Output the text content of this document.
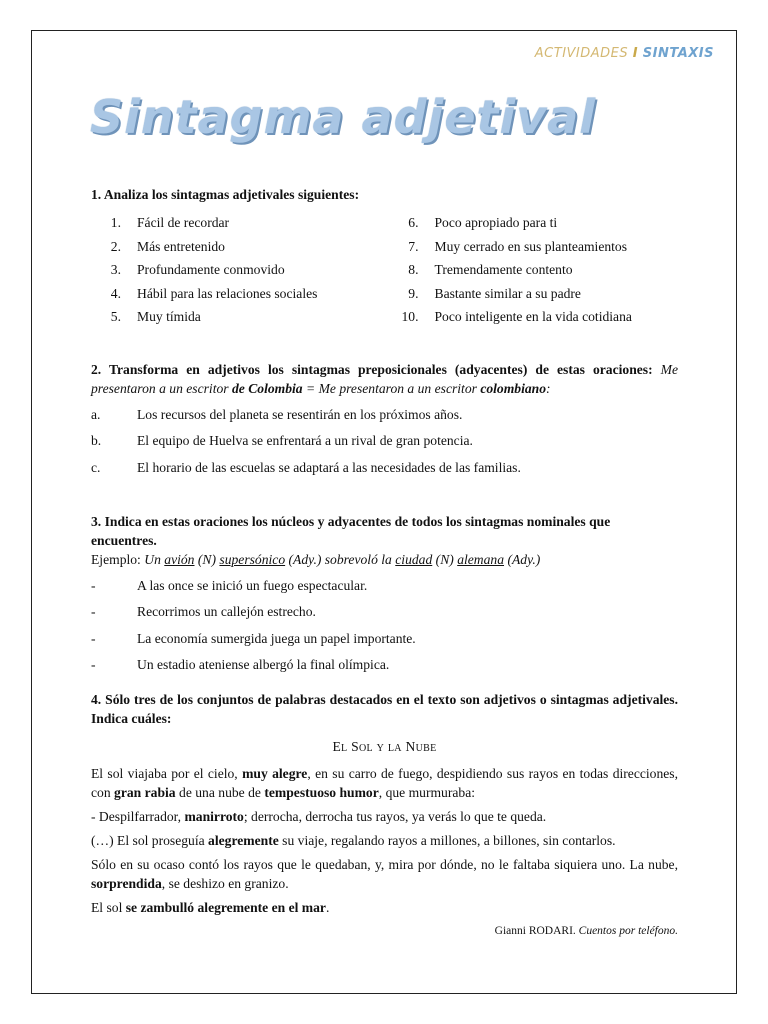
ACTIVIDADES I SINTAXIS
Sintagma adjetival
1. Analiza los sintagmas adjetivales siguientes:
1. Fácil de recordar
2. Más entretenido
3. Profundamente conmovido
4. Hábil para las relaciones sociales
5. Muy tímida
6. Poco apropiado para ti
7. Muy cerrado en sus planteamientos
8. Tremendamente contento
9. Bastante similar a su padre
10. Poco inteligente en la vida cotidiana
2. Transforma en adjetivos los sintagmas preposicionales (adyacentes) de estas oraciones: Me presentaron a un escritor de Colombia = Me presentaron a un escritor colombiano:
a.	Los recursos del planeta se resentirán en los próximos años.
b.	El equipo de Huelva se enfrentará a un rival de gran potencia.
c.	El horario de las escuelas se adaptará a las necesidades de las familias.
3. Indica en estas oraciones los núcleos y adyacentes de todos los sintagmas nominales que encuentres.
Ejemplo: Un avión (N) supersónico (Ady.) sobrevoló la ciudad (N) alemana (Ady.)
-	A las once se inició un fuego espectacular.
-	Recorrimos un callejón estrecho.
-	La economía sumergida juega un papel importante.
-	Un estadio ateniense albergó la final olímpica.
4. Sólo tres de los conjuntos de palabras destacados en el texto son adjetivos o sintagmas adjetivales. Indica cuáles:
El Sol y la Nube
El sol viajaba por el cielo, muy alegre, en su carro de fuego, despidiendo sus rayos en todas direcciones, con gran rabia de una nube de tempestuoso humor, que murmuraba:
- Despilfarrador, manirroto; derrocha, derrocha tus rayos, ya verás lo que te queda.
(…) El sol proseguía alegremente su viaje, regalando rayos a millones, a billones, sin contarlos.
Sólo en su ocaso contó los rayos que le quedaban, y, mira por dónde, no le faltaba siquiera uno. La nube, sorprendida, se deshizo en granizo.
El sol se zambulló alegremente en el mar.
Gianni RODARI. Cuentos por teléfono.
